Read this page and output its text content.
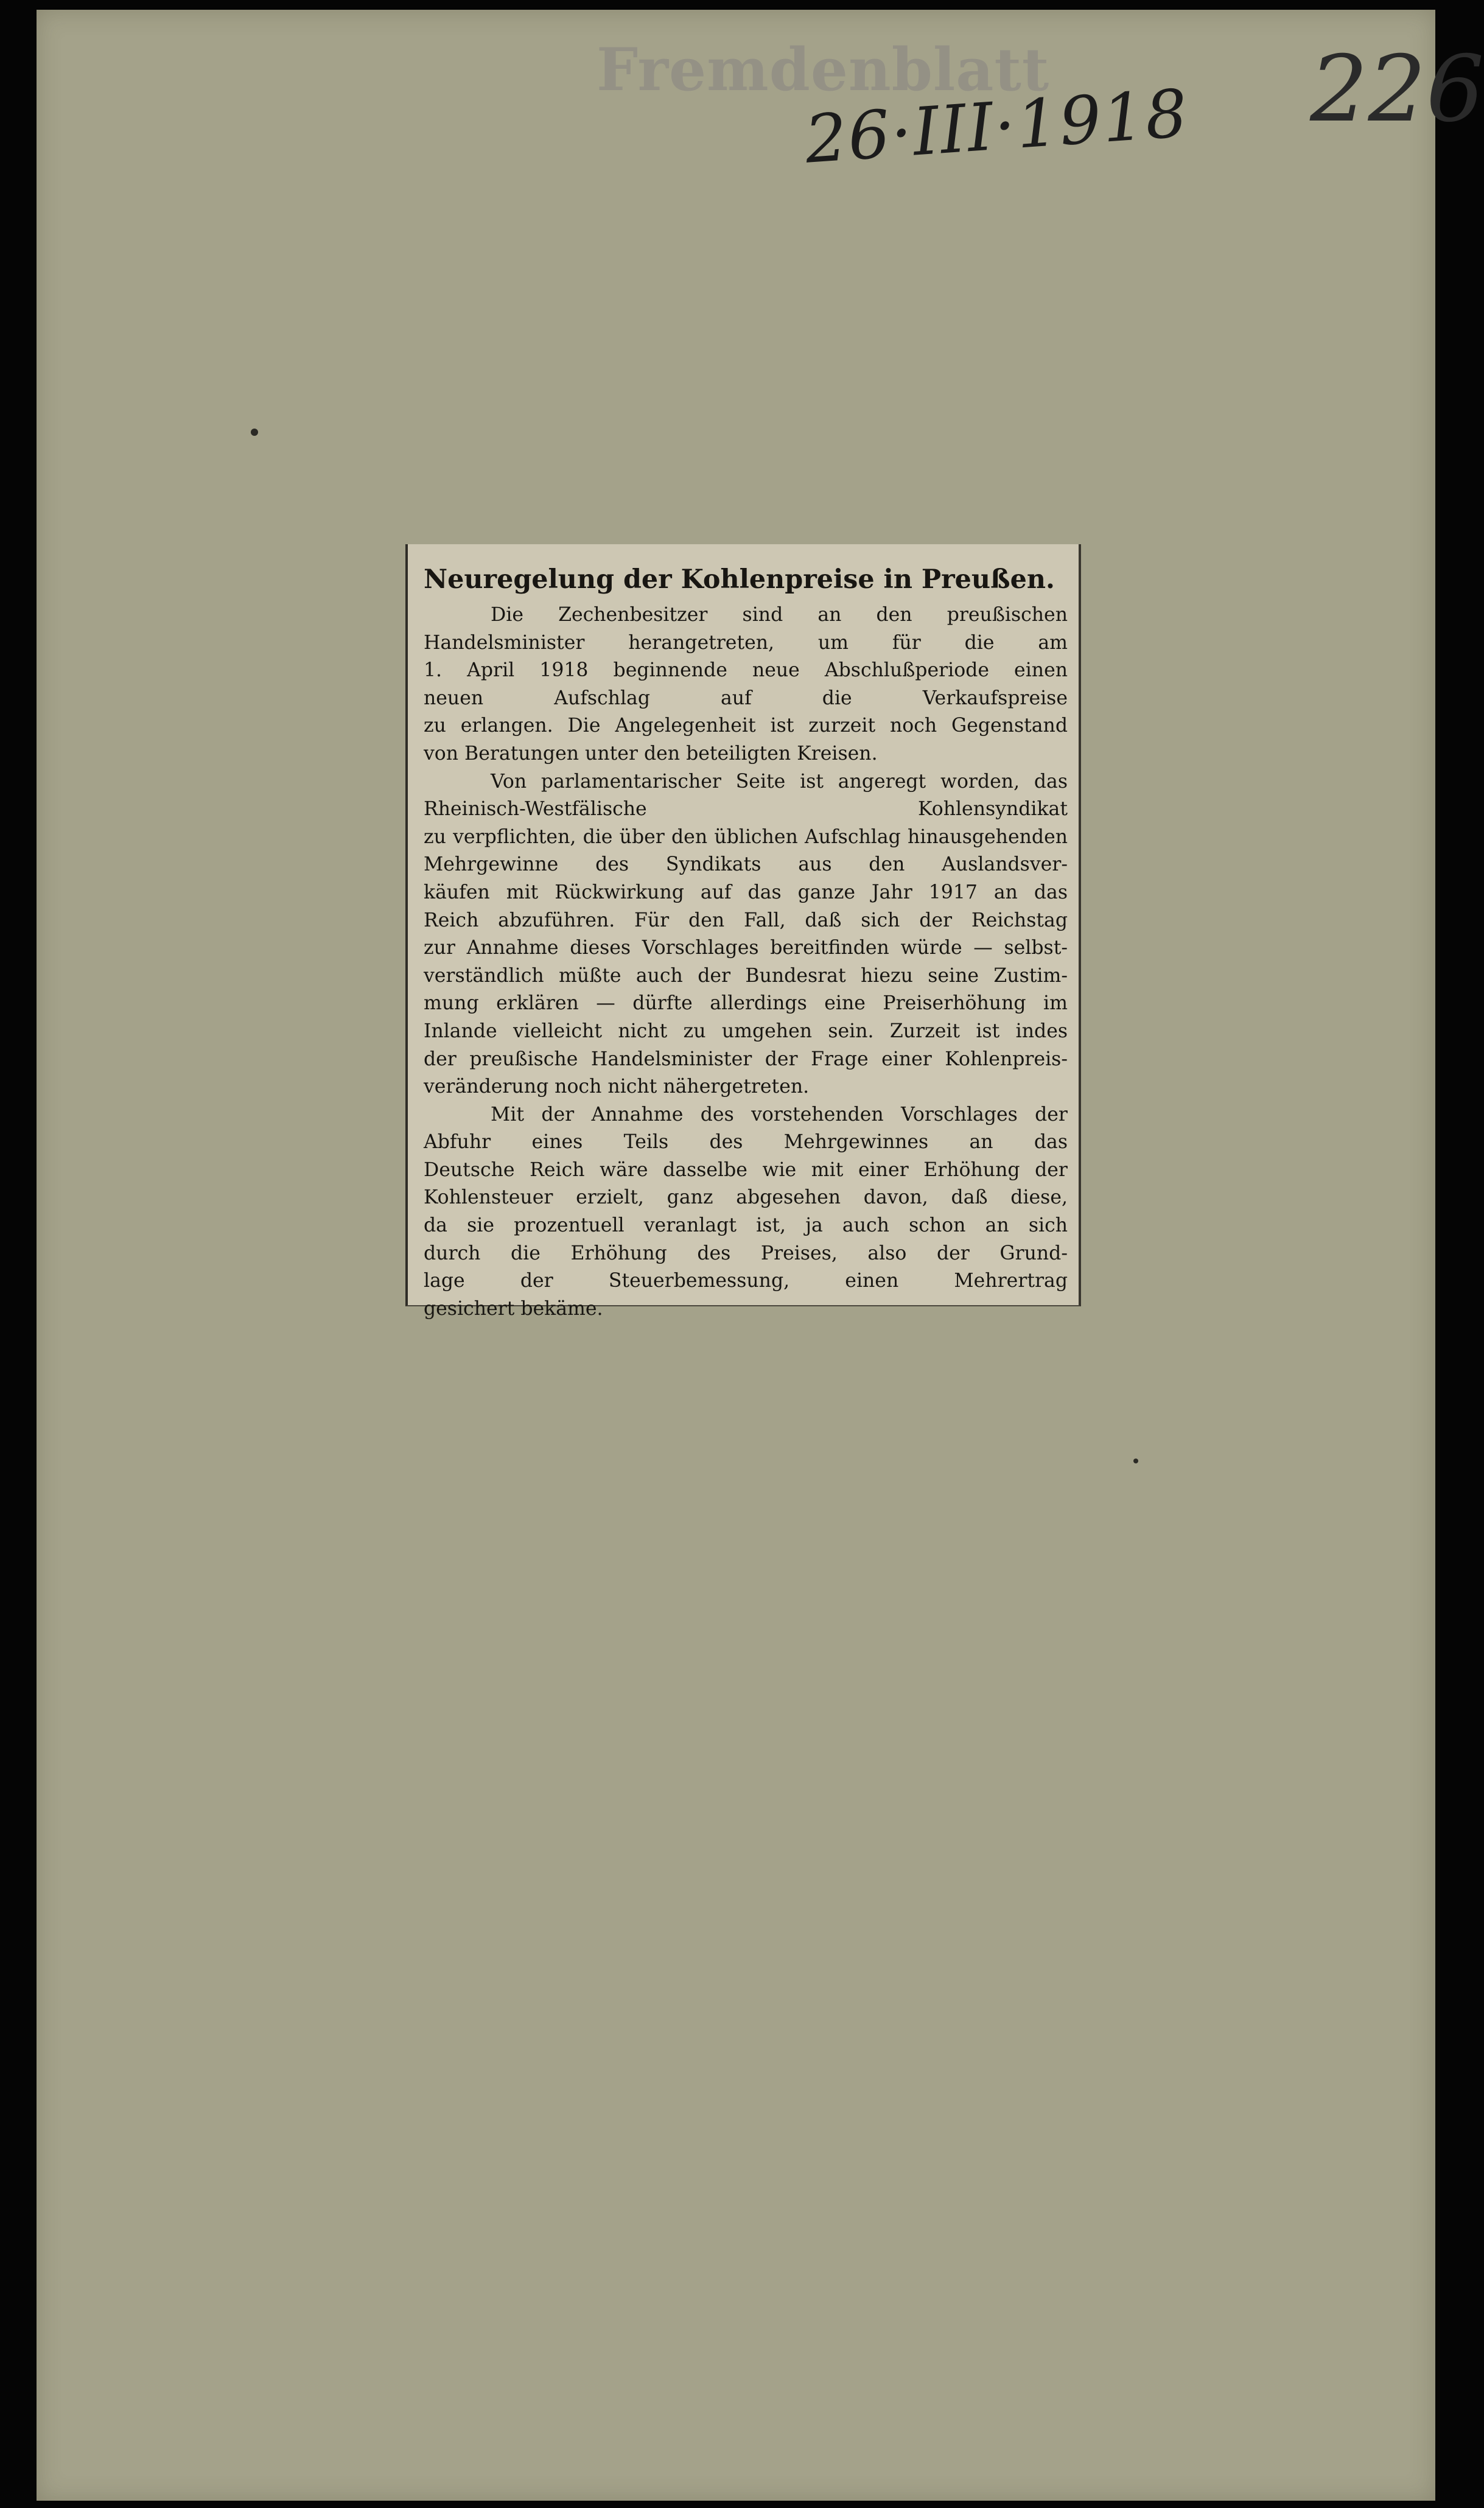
Fremdenblatt
26·III·1918 226
Neuregelung der Kohlenpreise in Preußen.
Die Zechenbesitzer sind an den preußischen
Handelsminister herangetreten, um für die am
1. April 1918 beginnende neue Abschlußperiode einen
neuen Aufschlag auf die Verkaufspreise
zu erlangen. Die Angelegenheit ist zurzeit noch Gegenstand
von Beratungen unter den beteiligten Kreisen.
Von parlamentarischer Seite ist angeregt worden, das
Rheinisch-Westfälische Kohlensyndikat
zu verpflichten, die über den üblichen Aufschlag hinausgehenden
Mehrgewinne des Syndikats aus den Auslandsver-
käufen mit Rückwirkung auf das ganze Jahr 1917 an das
Reich abzuführen. Für den Fall, daß sich der Reichstag
zur Annahme dieses Vorschlages bereitfinden würde — selbst-
verständlich müßte auch der Bundesrat hiezu seine Zustim-
mung erklären — dürfte allerdings eine Preiserhöhung im
Inlande vielleicht nicht zu umgehen sein. Zurzeit ist indes
der preußische Handelsminister der Frage einer Kohlenpreis-
veränderung noch nicht nähergetreten.
Mit der Annahme des vorstehenden Vorschlages der
Abfuhr eines Teils des Mehrgewinnes an das
Deutsche Reich wäre dasselbe wie mit einer Erhöhung der
Kohlensteuer erzielt, ganz abgesehen davon, daß diese,
da sie prozentuell veranlagt ist, ja auch schon an sich
durch die Erhöhung des Preises, also der Grund-
lage der Steuerbemessung, einen Mehrertrag
gesichert bekäme.
